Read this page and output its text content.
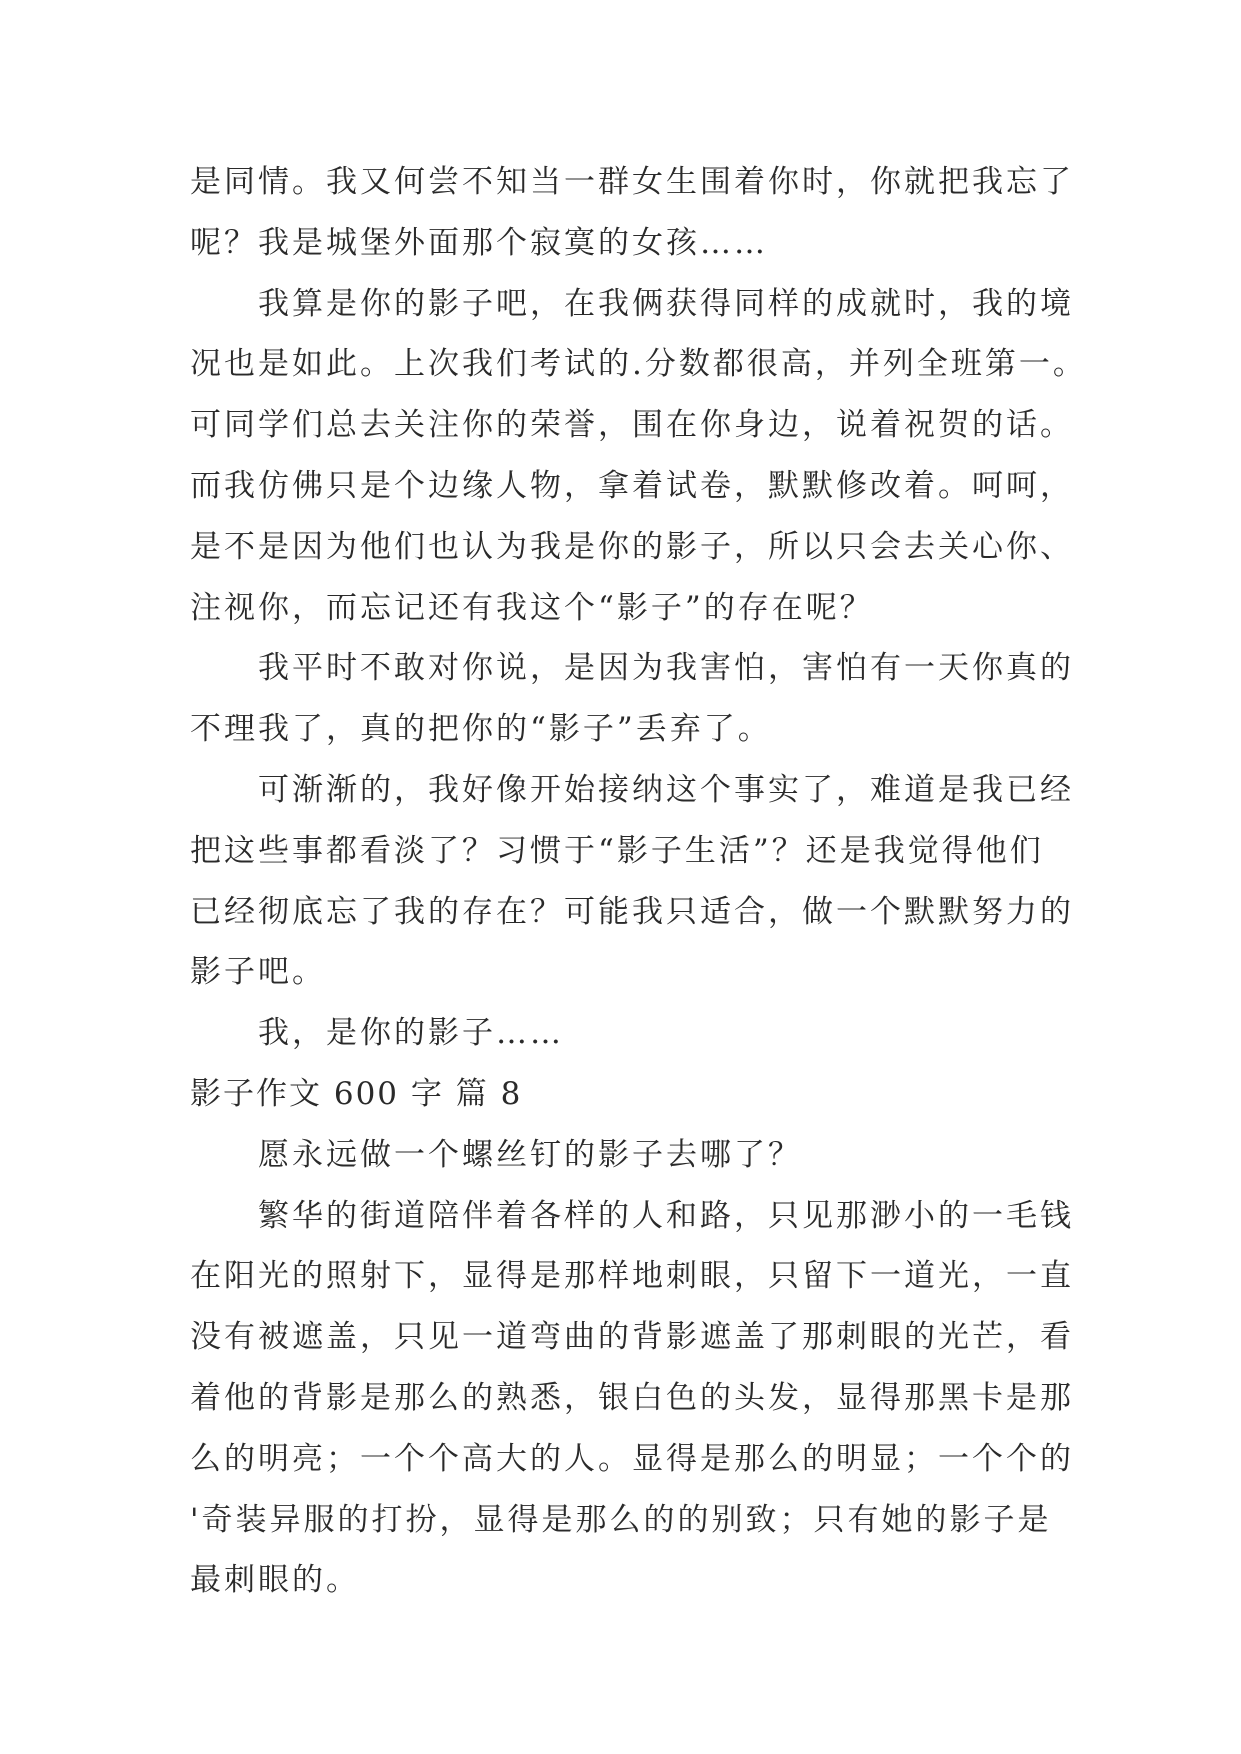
是同情。我又何尝不知当一群女生围着你时，你就把我忘了
呢？我是城堡外面那个寂寞的女孩……
我算是你的影子吧，在我俩获得同样的成就时，我的境
况也是如此。上次我们考试的.分数都很高，并列全班第一。
可同学们总去关注你的荣誉，围在你身边，说着祝贺的话。
而我仿佛只是个边缘人物，拿着试卷，默默修改着。呵呵，
是不是因为他们也认为我是你的影子，所以只会去关心你、
注视你，而忘记还有我这个“影子”的存在呢？
我平时不敢对你说，是因为我害怕，害怕有一天你真的
不理我了，真的把你的“影子”丢弃了。
可渐渐的，我好像开始接纳这个事实了，难道是我已经
把这些事都看淡了？习惯于“影子生活”？还是我觉得他们
已经彻底忘了我的存在？可能我只适合，做一个默默努力的
影子吧。
我，是你的影子……
影子作文 600 字 篇 8
愿永远做一个螺丝钉的影子去哪了？
繁华的街道陪伴着各样的人和路，只见那渺小的一毛钱
在阳光的照射下，显得是那样地刺眼，只留下一道光，一直
没有被遮盖，只见一道弯曲的背影遮盖了那刺眼的光芒，看
着他的背影是那么的熟悉，银白色的头发，显得那黑卡是那
么的明亮；一个个高大的人。显得是那么的明显；一个个的
'奇装异服的打扮，显得是那么的的别致；只有她的影子是
最刺眼的。
